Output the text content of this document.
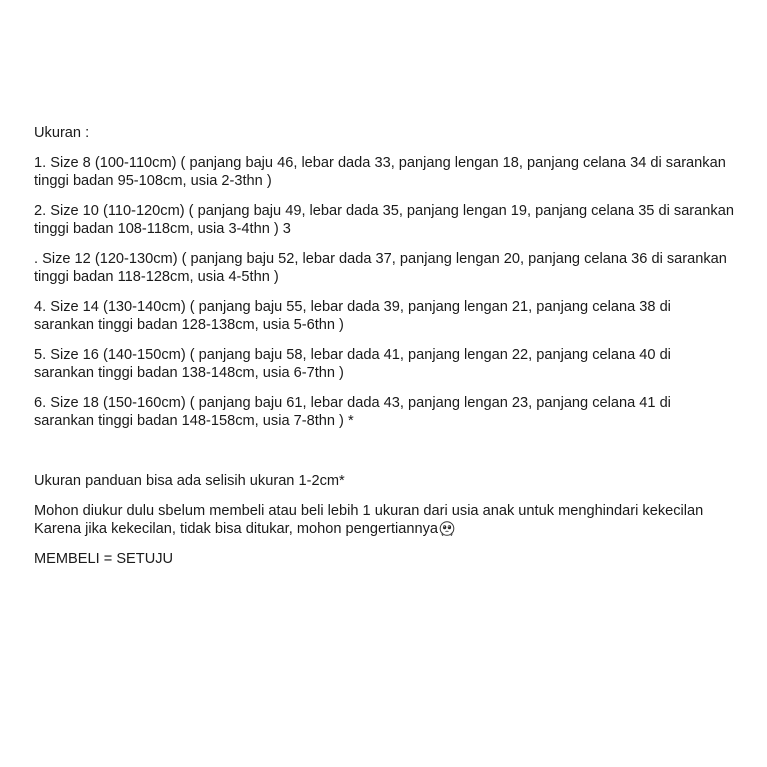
Ukuran :

1. Size 8 (100-110cm) ( panjang baju 46, lebar dada 33, panjang lengan 18, panjang celana 34 di sarankan tinggi badan 95-108cm, usia 2-3thn )

2. Size 10 (110-120cm) ( panjang baju 49, lebar dada 35, panjang lengan 19, panjang celana 35 di sarankan tinggi badan 108-118cm, usia 3-4thn ) 3

. Size 12 (120-130cm) ( panjang baju 52, lebar dada 37, panjang lengan 20, panjang celana 36 di sarankan tinggi badan 118-128cm, usia 4-5thn )

4. Size 14 (130-140cm) ( panjang baju 55, lebar dada 39, panjang lengan 21, panjang celana 38 di sarankan tinggi badan 128-138cm, usia 5-6thn )

5. Size 16 (140-150cm) ( panjang baju 58, lebar dada 41, panjang lengan 22, panjang celana 40 di sarankan tinggi badan 138-148cm, usia 6-7thn )

6. Size 18 (150-160cm) ( panjang baju 61, lebar dada 43, panjang lengan 23, panjang celana 41 di sarankan tinggi badan 148-158cm, usia 7-8thn ) *

Ukuran panduan bisa ada selisih ukuran 1-2cm*

Mohon diukur dulu sbelum membeli atau beli lebih 1 ukuran dari usia anak untuk menghindari kekecilan Karena jika kekecilan, tidak bisa ditukar, mohon pengertiannya

MEMBELI = SETUJU
